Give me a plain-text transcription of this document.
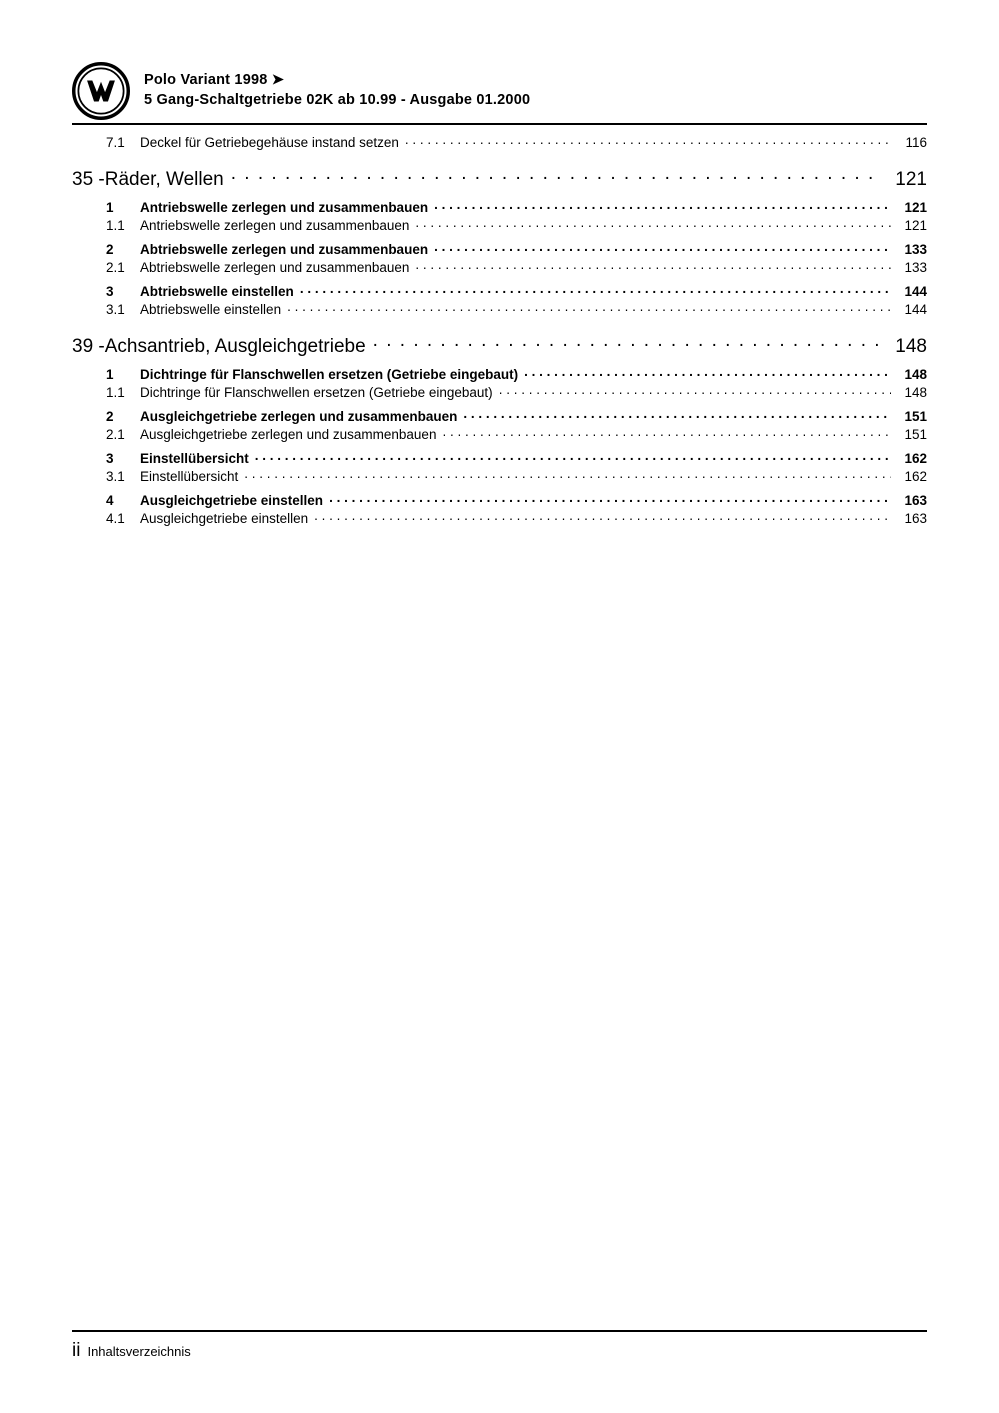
Polo Variant 1998 ➤
5 Gang-Schaltgetriebe 02K ab 10.99 - Ausgabe 01.2000
7.1	Deckel für Getriebegehäuse instand setzen . . .	116
35 - Räder, Wellen . . .	121
1	Antriebswelle zerlegen und zusammenbauen . . .	121
1.1	Antriebswelle zerlegen und zusammenbauen . . .	121
2	Abtriebswelle zerlegen und zusammenbauen . . .	133
2.1	Abtriebswelle zerlegen und zusammenbauen . . .	133
3	Abtriebswelle einstellen . . .	144
3.1	Abtriebswelle einstellen . . .	144
39 - Achsantrieb, Ausgleichgetriebe . . .	148
1	Dichtringe für Flanschwellen ersetzen (Getriebe eingebaut) . . .	148
1.1	Dichtringe für Flanschwellen ersetzen (Getriebe eingebaut) . . .	148
2	Ausgleichgetriebe zerlegen und zusammenbauen . . .	151
2.1	Ausgleichgetriebe zerlegen und zusammenbauen . . .	151
3	Einstellübersicht . . .	162
3.1	Einstellübersicht . . .	162
4	Ausgleichgetriebe einstellen . . .	163
4.1	Ausgleichgetriebe einstellen . . .	163
ii Inhaltsverzeichnis
